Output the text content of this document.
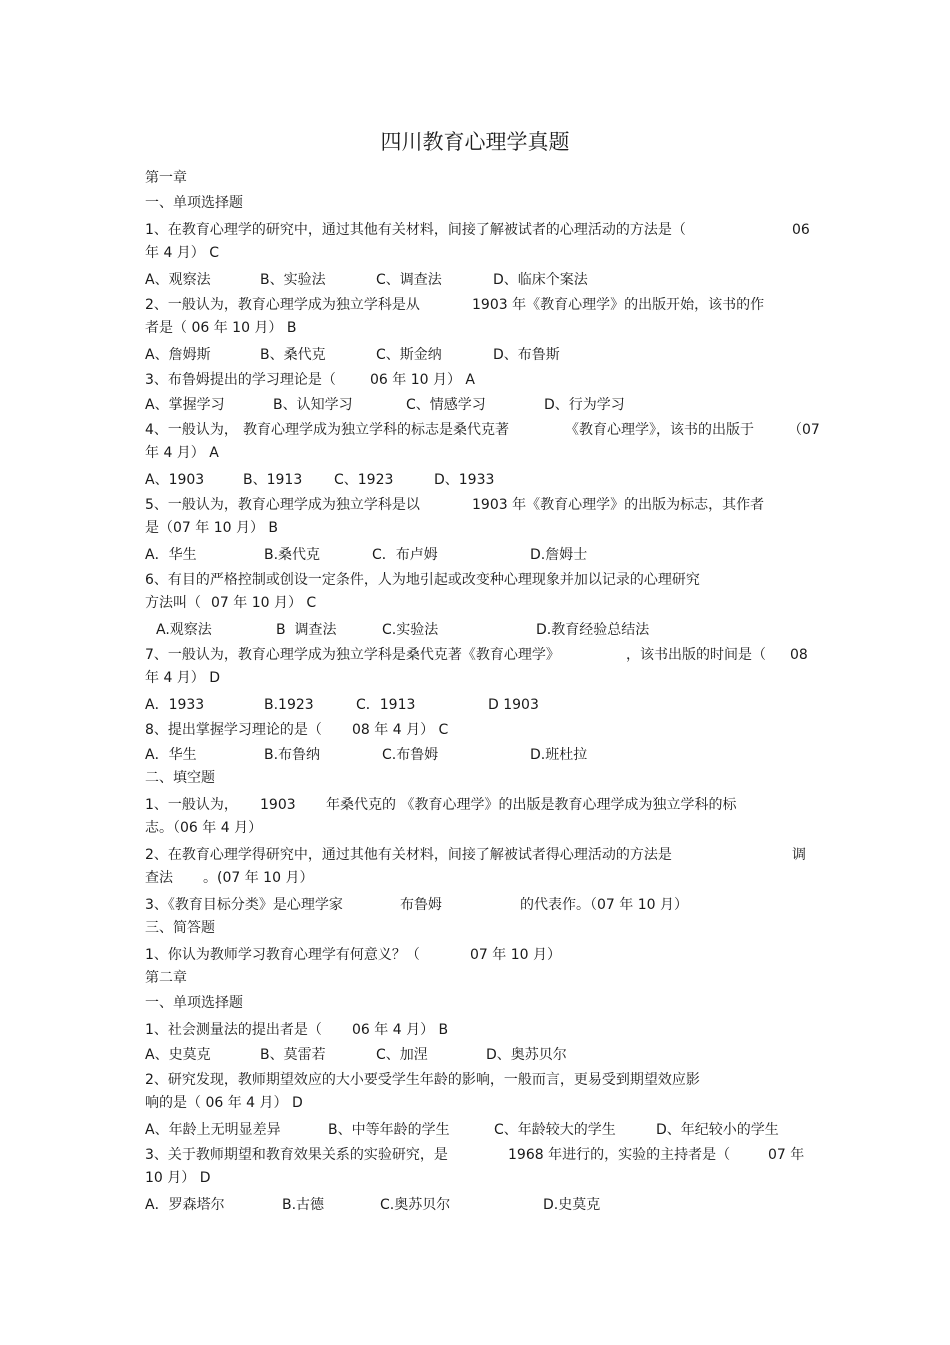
四川教育心理学真题
第一章
一、单项选择题
1、在教育心理学的研究中，通过其他有关材料，间接了解被试者的心理活动的方法是（	06
年 4 月） C
A、观察法	B、实验法	C、调查法	D、临床个案法
2、一般认为，教育心理学成为独立学科是从	1903 年《教育心理学》的出版开始，该书的作
者是（ 06 年 10 月） B
A、詹姆斯	B、桑代克	C、斯金纳	D、布鲁斯
3、布鲁姆提出的学习理论是（ 06 年 10 月） A
A、掌握学习	B、认知学习	C、情感学习	D、行为学习
4、一般认为， 教育心理学成为独立学科的标志是桑代克著	《教育心理学》，该书的出版于 （07
年 4 月） A
A、1903	B、1913 C、1923	D、1933
5、一般认为，教育心理学成为独立学科是以	1903 年《教育心理学》的出版为标志，其作者
是（07 年 10 月） B
A．华生	B.桑代克	C．布卢姆	D.詹姆士
6、有目的严格控制或创设一定条件，人为地引起或改变种心理现象并加以记录的心理研究
方法叫（ 07 年 10 月） C
A.观察法	B  调查法	C.实验法	D.教育经验总结法
7、一般认为，教育心理学成为独立学科是桑代克著《教育心理学》	，该书出版的时间是（ 08
年 4 月） D
A．1933	B.1923	C．1913	D 1903
8、提出掌握学习理论的是（ 08 年 4 月） C
A．华生	B.布鲁纳	C.布鲁姆	D.班杜拉
二、填空题
1、一般认为， 1903 年桑代克的 《教育心理学》的出版是教育心理学成为独立学科的标
志。（06 年 4 月）
2、在教育心理学得研究中，通过其他有关材料，间接了解被试者得心理活动的方法是	调
查法 。(07 年 10 月）
3、《教育目标分类》是心理学家	布鲁姆	的代表作。（07 年 10 月）
三、简答题
1、你认为教师学习教育心理学有何意义？（	07 年 10 月）
第二章
一、单项选择题
1、社会测量法的提出者是（ 06 年 4 月） B
A、史莫克	B、莫雷若	C、加涅	D、奥苏贝尔
2、研究发现，教师期望效应的大小要受学生年龄的影响，一般而言，更易受到期望效应影
响的是（ 06 年 4 月） D
A、年龄上无明显差异	B、中等年龄的学生	C、年龄较大的学生	D、年纪较小的学生
3、关于教师期望和教育效果关系的实验研究，是	1968 年进行的，实验的主持者是（	07 年
10 月） D
A．罗森塔尔	B.古德	C.奥苏贝尔	D.史莫克
